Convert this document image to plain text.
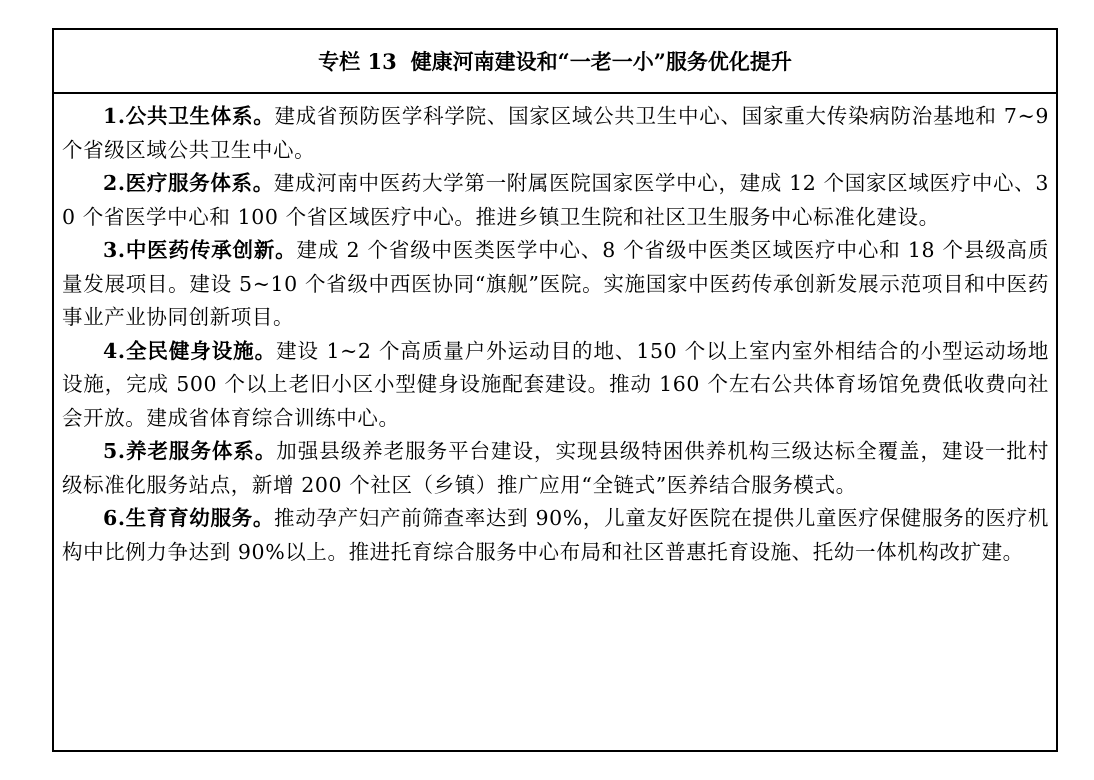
专栏 13 健康河南建设和“一老一小”服务优化提升

1.公共卫生体系。建成省预防医学科学院、国家区域公共卫生中心、国家重大传染病防治基地和 7~9 个省级区域公共卫生中心。

2.医疗服务体系。建成河南中医药大学第一附属医院国家医学中心，建成 12 个国家区域医疗中心、30 个省医学中心和 100 个省区域医疗中心。推进乡镇卫生院和社区卫生服务中心标准化建设。

3.中医药传承创新。建成 2 个省级中医类医学中心、8 个省级中医类区域医疗中心和 18 个县级高质量发展项目。建设 5~10 个省级中西医协同“旗舰”医院。实施国家中医药传承创新发展示范项目和中医药事业产业协同创新项目。

4.全民健身设施。建设 1~2 个高质量户外运动目的地、150 个以上室内室外相结合的小型运动场地设施，完成 500 个以上老旧小区小型健身设施配套建设。推动 160 个左右公共体育场馆免费低收费向社会开放。建成省体育综合训练中心。

5.养老服务体系。加强县级养老服务平台建设，实现县级特困供养机构三级达标全覆盖，建设一批村级标准化服务站点，新增 200 个社区（乡镇）推广应用“全链式”医养结合服务模式。

6.生育育幼服务。推动孕产妇产前筛查率达到 90%，儿童友好医院在提供儿童医疗保健服务的医疗机构中比例力争达到 90%以上。推进托育综合服务中心布局和社区普惠托育设施、托幼一体机构改扩建。
